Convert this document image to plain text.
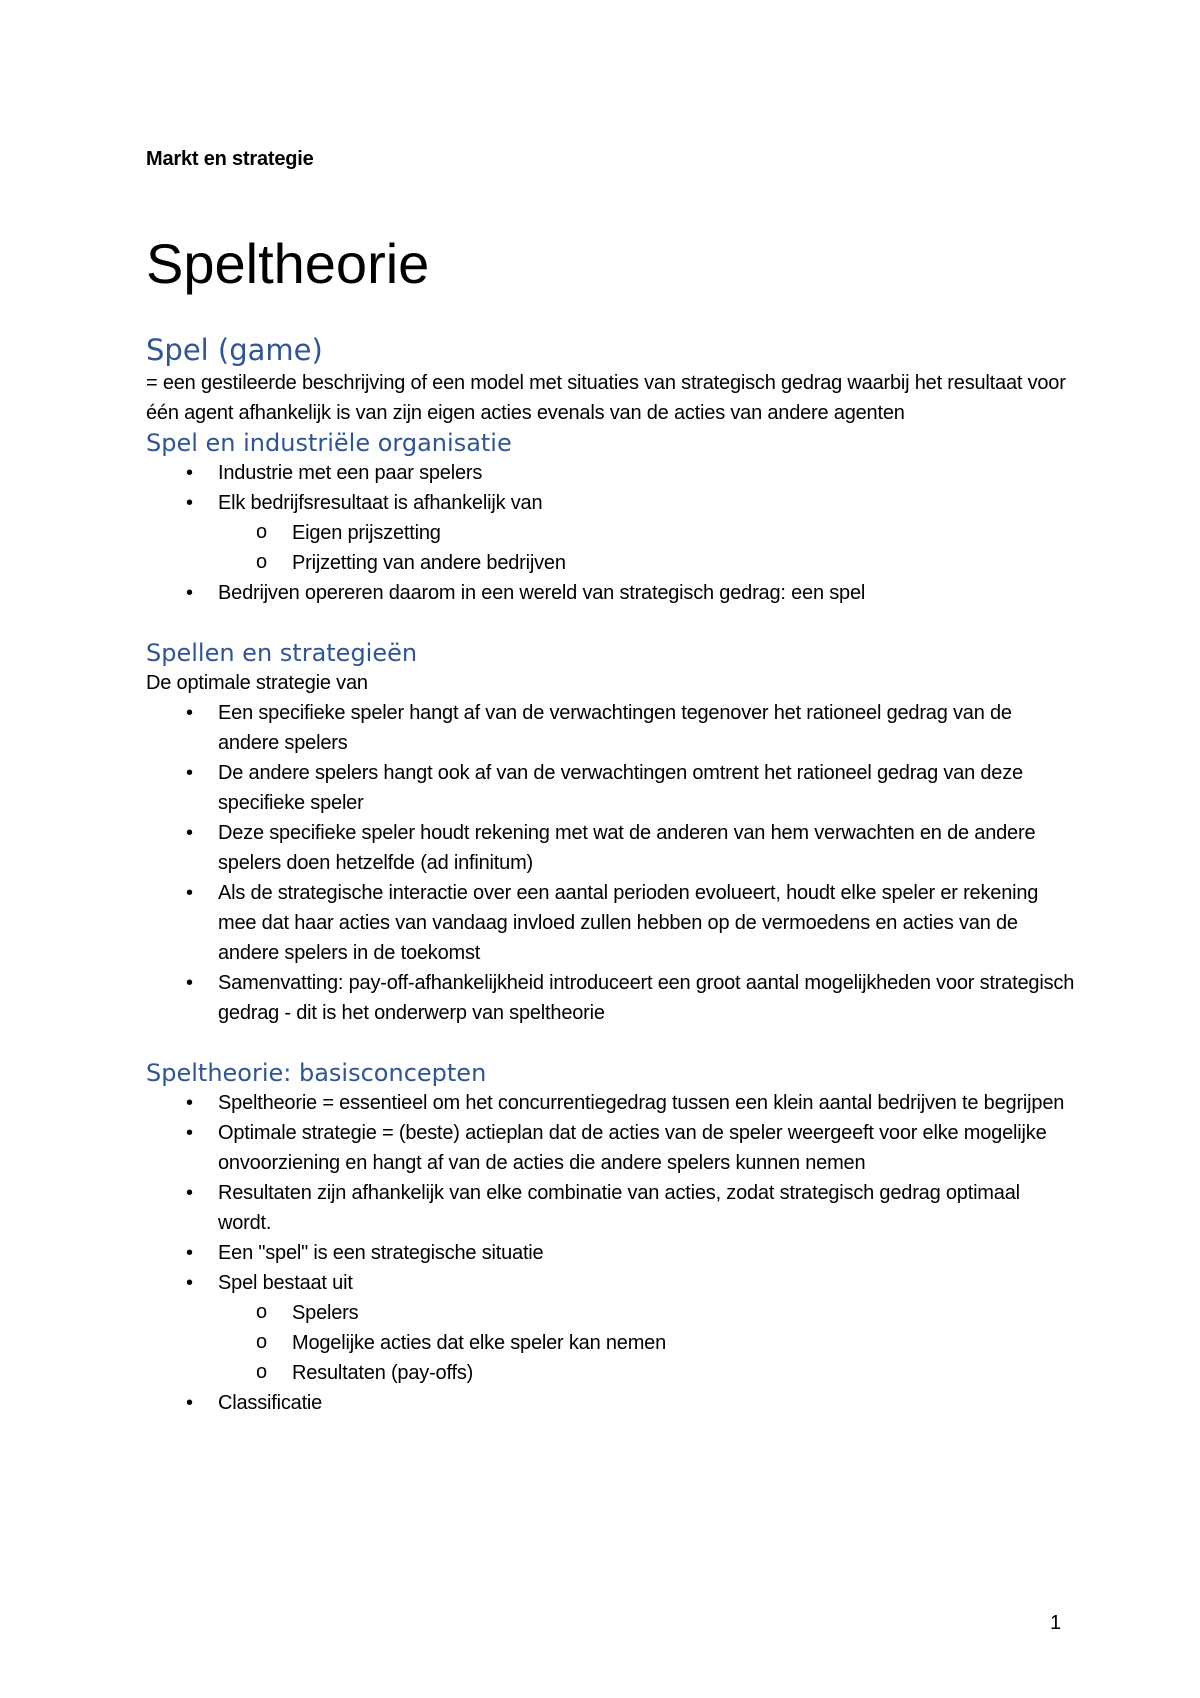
Markt en strategie
Speltheorie
Spel (game)

= een gestileerde beschrijving of een model met situaties van strategisch gedrag waarbij het resultaat voor één agent afhankelijk is van zijn eigen acties evenals van de acties van andere agenten

Spel en industriële organisatie
• Industrie met een paar spelers
• Elk bedrijfsresultaat is afhankelijk van
o Eigen prijszetting
o Prijzetting van andere bedrijven
• Bedrijven opereren daarom in een wereld van strategisch gedrag: een spel
Spellen en strategieën

De optimale strategie van

• Een specifieke speler hangt af van de verwachtingen tegenover het rationeel gedrag van de andere spelers
• De andere spelers hangt ook af van de verwachtingen omtrent het rationeel gedrag van deze specifieke speler
• Deze specifieke speler houdt rekening met wat de anderen van hem verwachten en de andere spelers doen hetzelfde (ad infinitum)
• Als de strategische interactie over een aantal perioden evolueert, houdt elke speler er rekening mee dat haar acties van vandaag invloed zullen hebben op de vermoedens en acties van de andere spelers in de toekomst
• Samenvatting: pay-off-afhankelijkheid introduceert een groot aantal mogelijkheden voor strategisch gedrag - dit is het onderwerp van speltheorie
Speltheorie: basisconcepten
• Speltheorie = essentieel om het concurrentiegedrag tussen een klein aantal bedrijven te begrijpen
• Optimale strategie = (beste) actieplan dat de acties van de speler weergeeft voor elke mogelijke onvoorziening en hangt af van de acties die andere spelers kunnen nemen
• Resultaten zijn afhankelijk van elke combinatie van acties, zodat strategisch gedrag optimaal wordt.
• Een "spel" is een strategische situatie
• Spel bestaat uit
o Spelers
o Mogelijke acties dat elke speler kan nemen
o Resultaten (pay-offs)
• Classificatie
1
